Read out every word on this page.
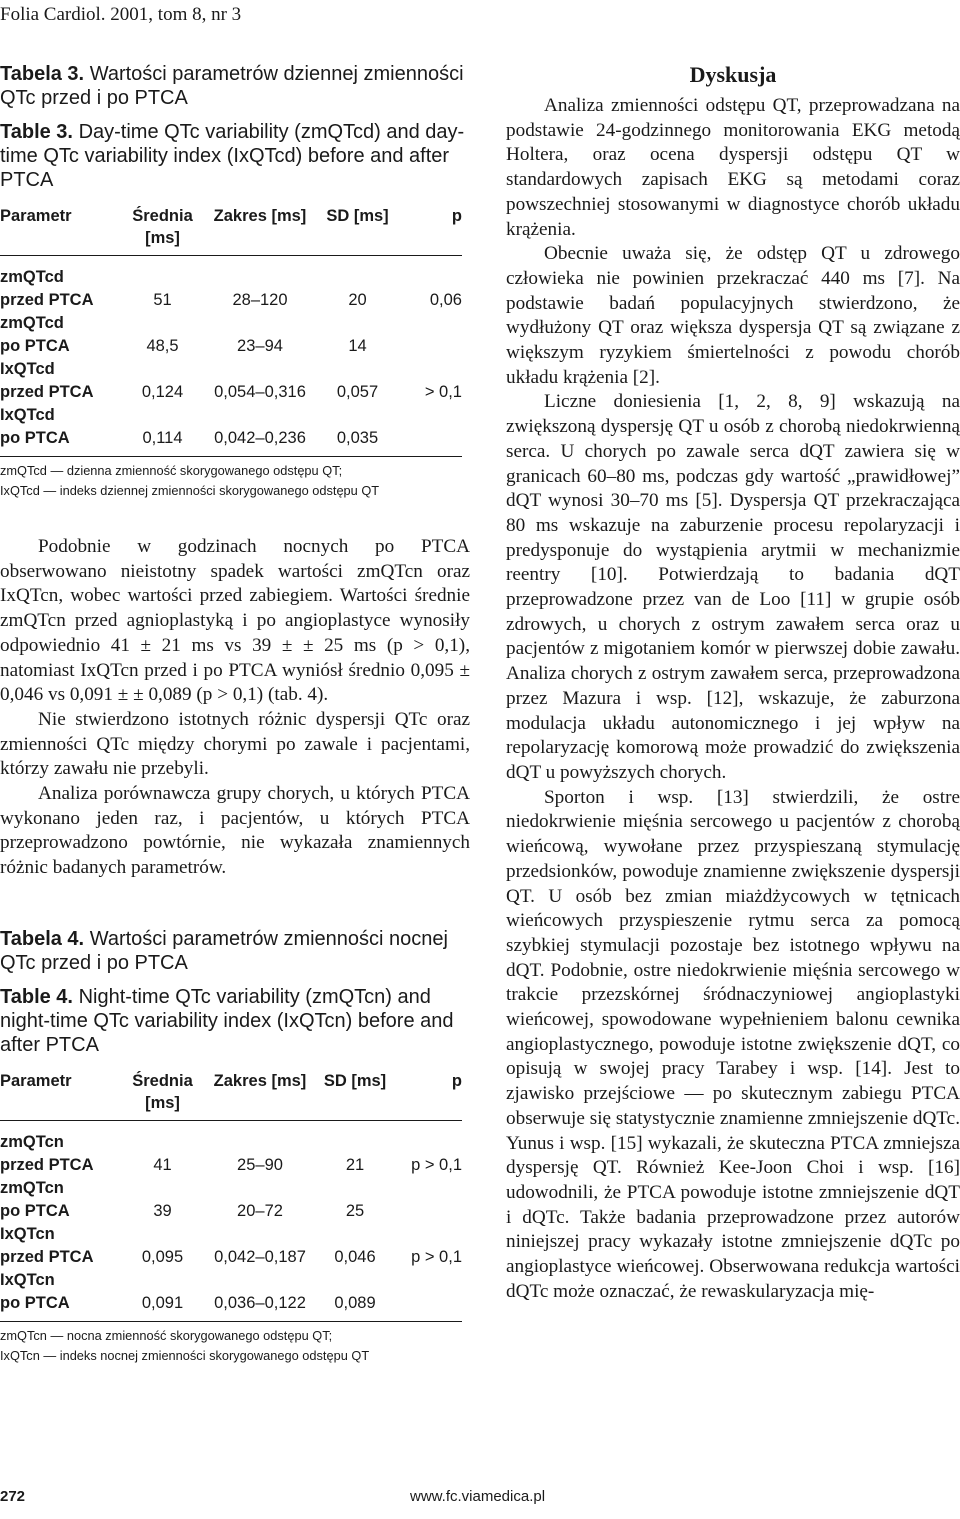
Folia Cardiol. 2001, tom 8, nr 3

Tabela 3. Wartości parametrów dziennej zmienności QTc przed i po PTCA

Table 3. Day-time QTc variability (zmQTcd) and day-time QTc variability index (IxQTcd) before and after PTCA

Parametr	Średnia [ms]	Zakres [ms]	SD [ms]	p

zmQTcd				
przed PTCA	51	28–120	20	0,06
zmQTcd				
po PTCA	48,5	23–94	14	
IxQTcd				
przed PTCA	0,124	0,054–0,316	0,057	> 0,1
IxQTcd				
po PTCA	0,114	0,042–0,236	0,035	
zmQTcd — dzienna zmienność skorygowanego odstępu QT;
IxQTcd — indeks dziennej zmienności skorygowanego odstępu QT

Podobnie w godzinach nocnych po PTCA obserwowano nieistotny spadek wartości zmQTcn oraz IxQTcn, wobec wartości przed zabiegiem. Wartości średnie zmQTcn przed agnioplastyką i po angioplastyce wynosiły odpowiednio 41 ± 21 ms vs 39 ± ± 25 ms (p > 0,1), natomiast IxQTcn przed i po PTCA wyniósł średnio 0,095 ± 0,046 vs 0,091 ± ± 0,089 (p > 0,1) (tab. 4).

Nie stwierdzono istotnych różnic dyspersji QTc oraz zmienności QTc między chorymi po zawale i pacjentami, którzy zawału nie przebyli.

Analiza porównawcza grupy chorych, u których PTCA wykonano jeden raz, i pacjentów, u których PTCA przeprowadzono powtórnie, nie wykazała znamiennych różnic badanych parametrów.

Tabela 4. Wartości parametrów zmienności nocnej QTc przed i po PTCA

Table 4. Night-time QTc variability (zmQTcn) and night-time QTc variability index (IxQTcn) before and after PTCA

Parametr	Średnia [ms]	Zakres [ms]	SD [ms]	p

zmQTcn				
przed PTCA	41	25–90	21	p > 0,1
zmQTcn				
po PTCA	39	20–72	25	
IxQTcn				
przed PTCA	0,095	0,042–0,187	0,046	p > 0,1
IxQTcn				
po PTCA	0,091	0,036–0,122	0,089	
zmQTcn — nocna zmienność skorygowanego odstępu QT;
IxQTcn — indeks nocnej zmienności skorygowanego odstępu QT
Dyskusja

Analiza zmienności odstępu QT, przeprowadzana na podstawie 24-godzinnego monitorowania EKG metodą Holtera, oraz ocena dyspersji odstępu QT w standardowych zapisach EKG są metodami coraz powszechniej stosowanymi w diagnostyce chorób układu krążenia.

Obecnie uważa się, że odstęp QT u zdrowego człowieka nie powinien przekraczać 440 ms [7]. Na podstawie badań populacyjnych stwierdzono, że wydłużony QT oraz większa dyspersja QT są związane z większym ryzykiem śmiertelności z powodu chorób układu krążenia [2].

Liczne doniesienia [1, 2, 8, 9] wskazują na zwiększoną dyspersję QT u osób z chorobą niedokrwienną serca. U chorych po zawale serca dQT zawiera się w granicach 60–80 ms, podczas gdy wartość „prawidłowej” dQT wynosi 30–70 ms [5]. Dyspersja QT przekraczająca 80 ms wskazuje na zaburzenie procesu repolaryzacji i predysponuje do wystąpienia arytmii w mechanizmie reentry [10]. Potwierdzają to badania dQT przeprowadzone przez van de Loo [11] w grupie osób zdrowych, u chorych z ostrym zawałem serca oraz u pacjentów z migotaniem komór w pierwszej dobie zawału. Analiza chorych z ostrym zawałem serca, przeprowadzona przez Mazura i wsp. [12], wskazuje, że zaburzona modulacja układu autonomicznego i jej wpływ na repolaryzację komorową może prowadzić do zwiększenia dQT u powyższych chorych.

Sporton i wsp. [13] stwierdzili, że ostre niedokrwienie mięśnia sercowego u pacjentów z chorobą wieńcową, wywołane przez przyspieszaną stymulację przedsionków, powoduje znamienne zwiększenie dyspersji QT. U osób bez zmian miażdżycowych w tętnicach wieńcowych przyspieszenie rytmu serca za pomocą szybkiej stymulacji pozostaje bez istotnego wpływu na dQT. Podobnie, ostre niedokrwienie mięśnia sercowego w trakcie przezskórnej śródnaczyniowej angioplastyki wieńcowej, spowodowane wypełnieniem balonu cewnika angioplastycznego, powoduje istotne zwiększenie dQT, co opisują w swojej pracy Tarabey i wsp. [14]. Jest to zjawisko przejściowe — po skutecznym zabiegu PTCA obserwuje się statystycznie znamienne zmniejszenie dQTc. Yunus i wsp. [15] wykazali, że skuteczna PTCA zmniejsza dyspersję QT. Również Kee-Joon Choi i wsp. [16] udowodnili, że PTCA powoduje istotne zmniejszenie dQT i dQTc. Także badania przeprowadzone przez autorów niniejszej pracy wykazały istotne zmniejszenie dQTc po angioplastyce wieńcowej. Obserwowana redukcja wartości dQTc może oznaczać, że rewaskularyzacja mię-

272	www.fc.viamedica.pl
